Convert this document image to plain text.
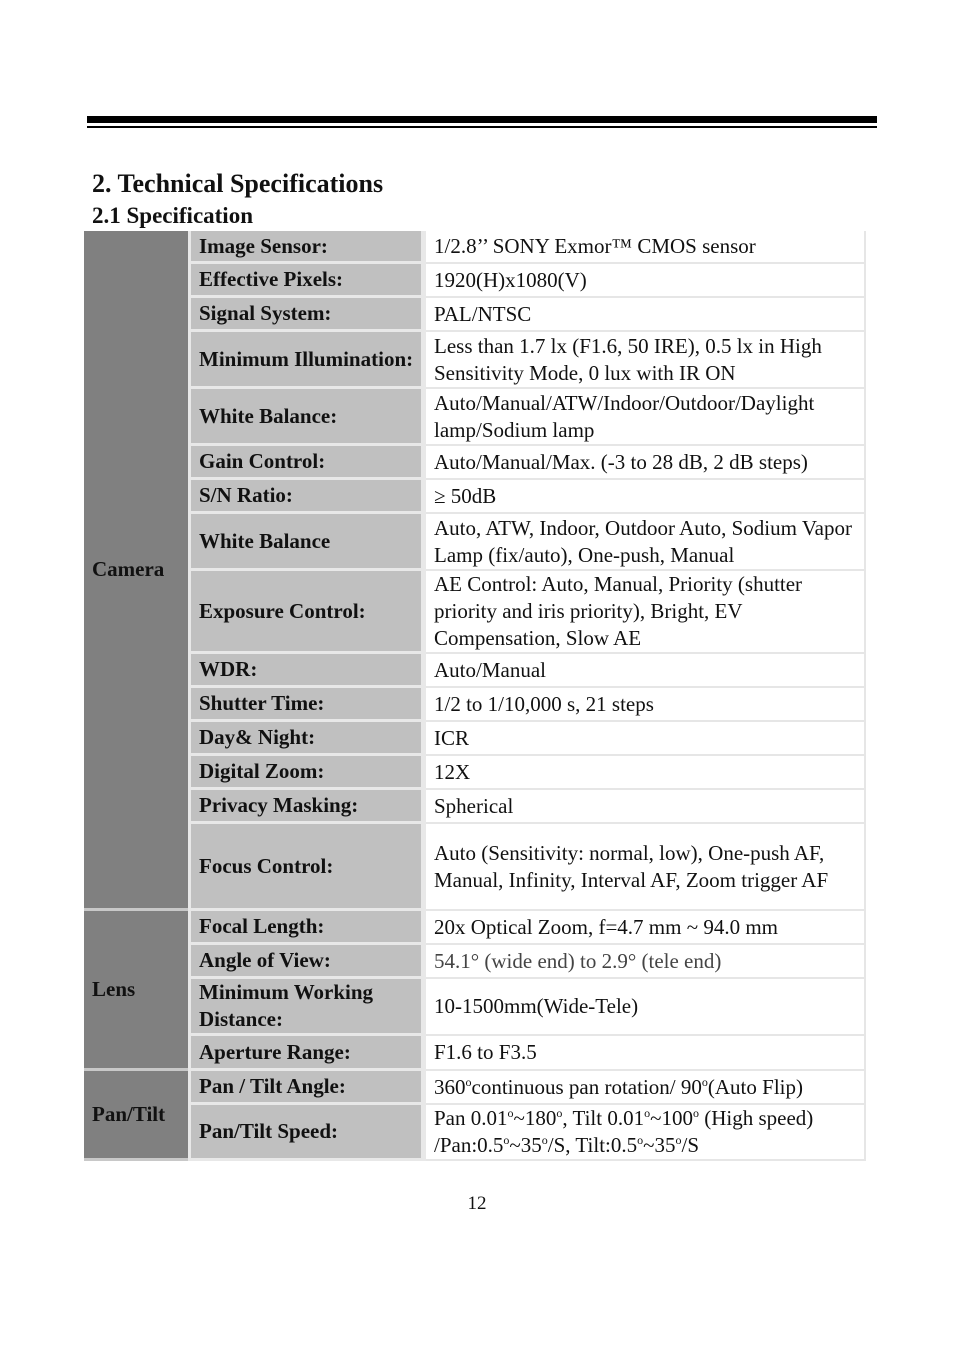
2. Technical Specifications
2.1 Specification
Camera	Image Sensor:	1/2.8’’ SONY Exmor™ CMOS sensor
	Effective Pixels:	1920(H)x1080(V)
	Signal System:	PAL/NTSC
	Minimum Illumination:	Less than 1.7 lx (F1.6, 50 IRE), 0.5 lx in High Sensitivity Mode, 0 lux with IR ON
	White Balance:	Auto/Manual/ATW/Indoor/Outdoor/Daylight lamp/Sodium lamp
	Gain Control:	Auto/Manual/Max. (-3 to 28 dB, 2 dB steps)
	S/N Ratio:	≥ 50dB
	White Balance	Auto, ATW, Indoor, Outdoor Auto, Sodium Vapor Lamp (fix/auto), One-push, Manual
	Exposure Control:	AE Control: Auto, Manual, Priority (shutter priority and iris priority), Bright, EV Compensation, Slow AE
	WDR:	Auto/Manual
	Shutter Time:	1/2 to 1/10,000 s, 21 steps
	Day& Night:	ICR
	Digital Zoom:	12X
	Privacy Masking:	Spherical
	Focus Control:	Auto (Sensitivity: normal, low), One-push AF, Manual, Infinity, Interval AF, Zoom trigger AF
Lens	Focal Length:	20x Optical Zoom, f=4.7 mm ~ 94.0 mm
	Angle of View:	54.1° (wide end) to 2.9° (tele end)
	Minimum Working Distance:	10-1500mm(Wide-Tele)
	Aperture Range:	F1.6 to F3.5
Pan/Tilt	Pan / Tilt Angle:	360$^o$continuous pan rotation/ 90$^o$(Auto Flip)
	Pan/Tilt Speed:	Pan 0.01$^o$~180$^o$, Tilt 0.01$^o$~100$^o$ (High speed) /Pan:0.5$^o$~35$^o$/S, Tilt:0.5$^o$~35$^o$/S
12
